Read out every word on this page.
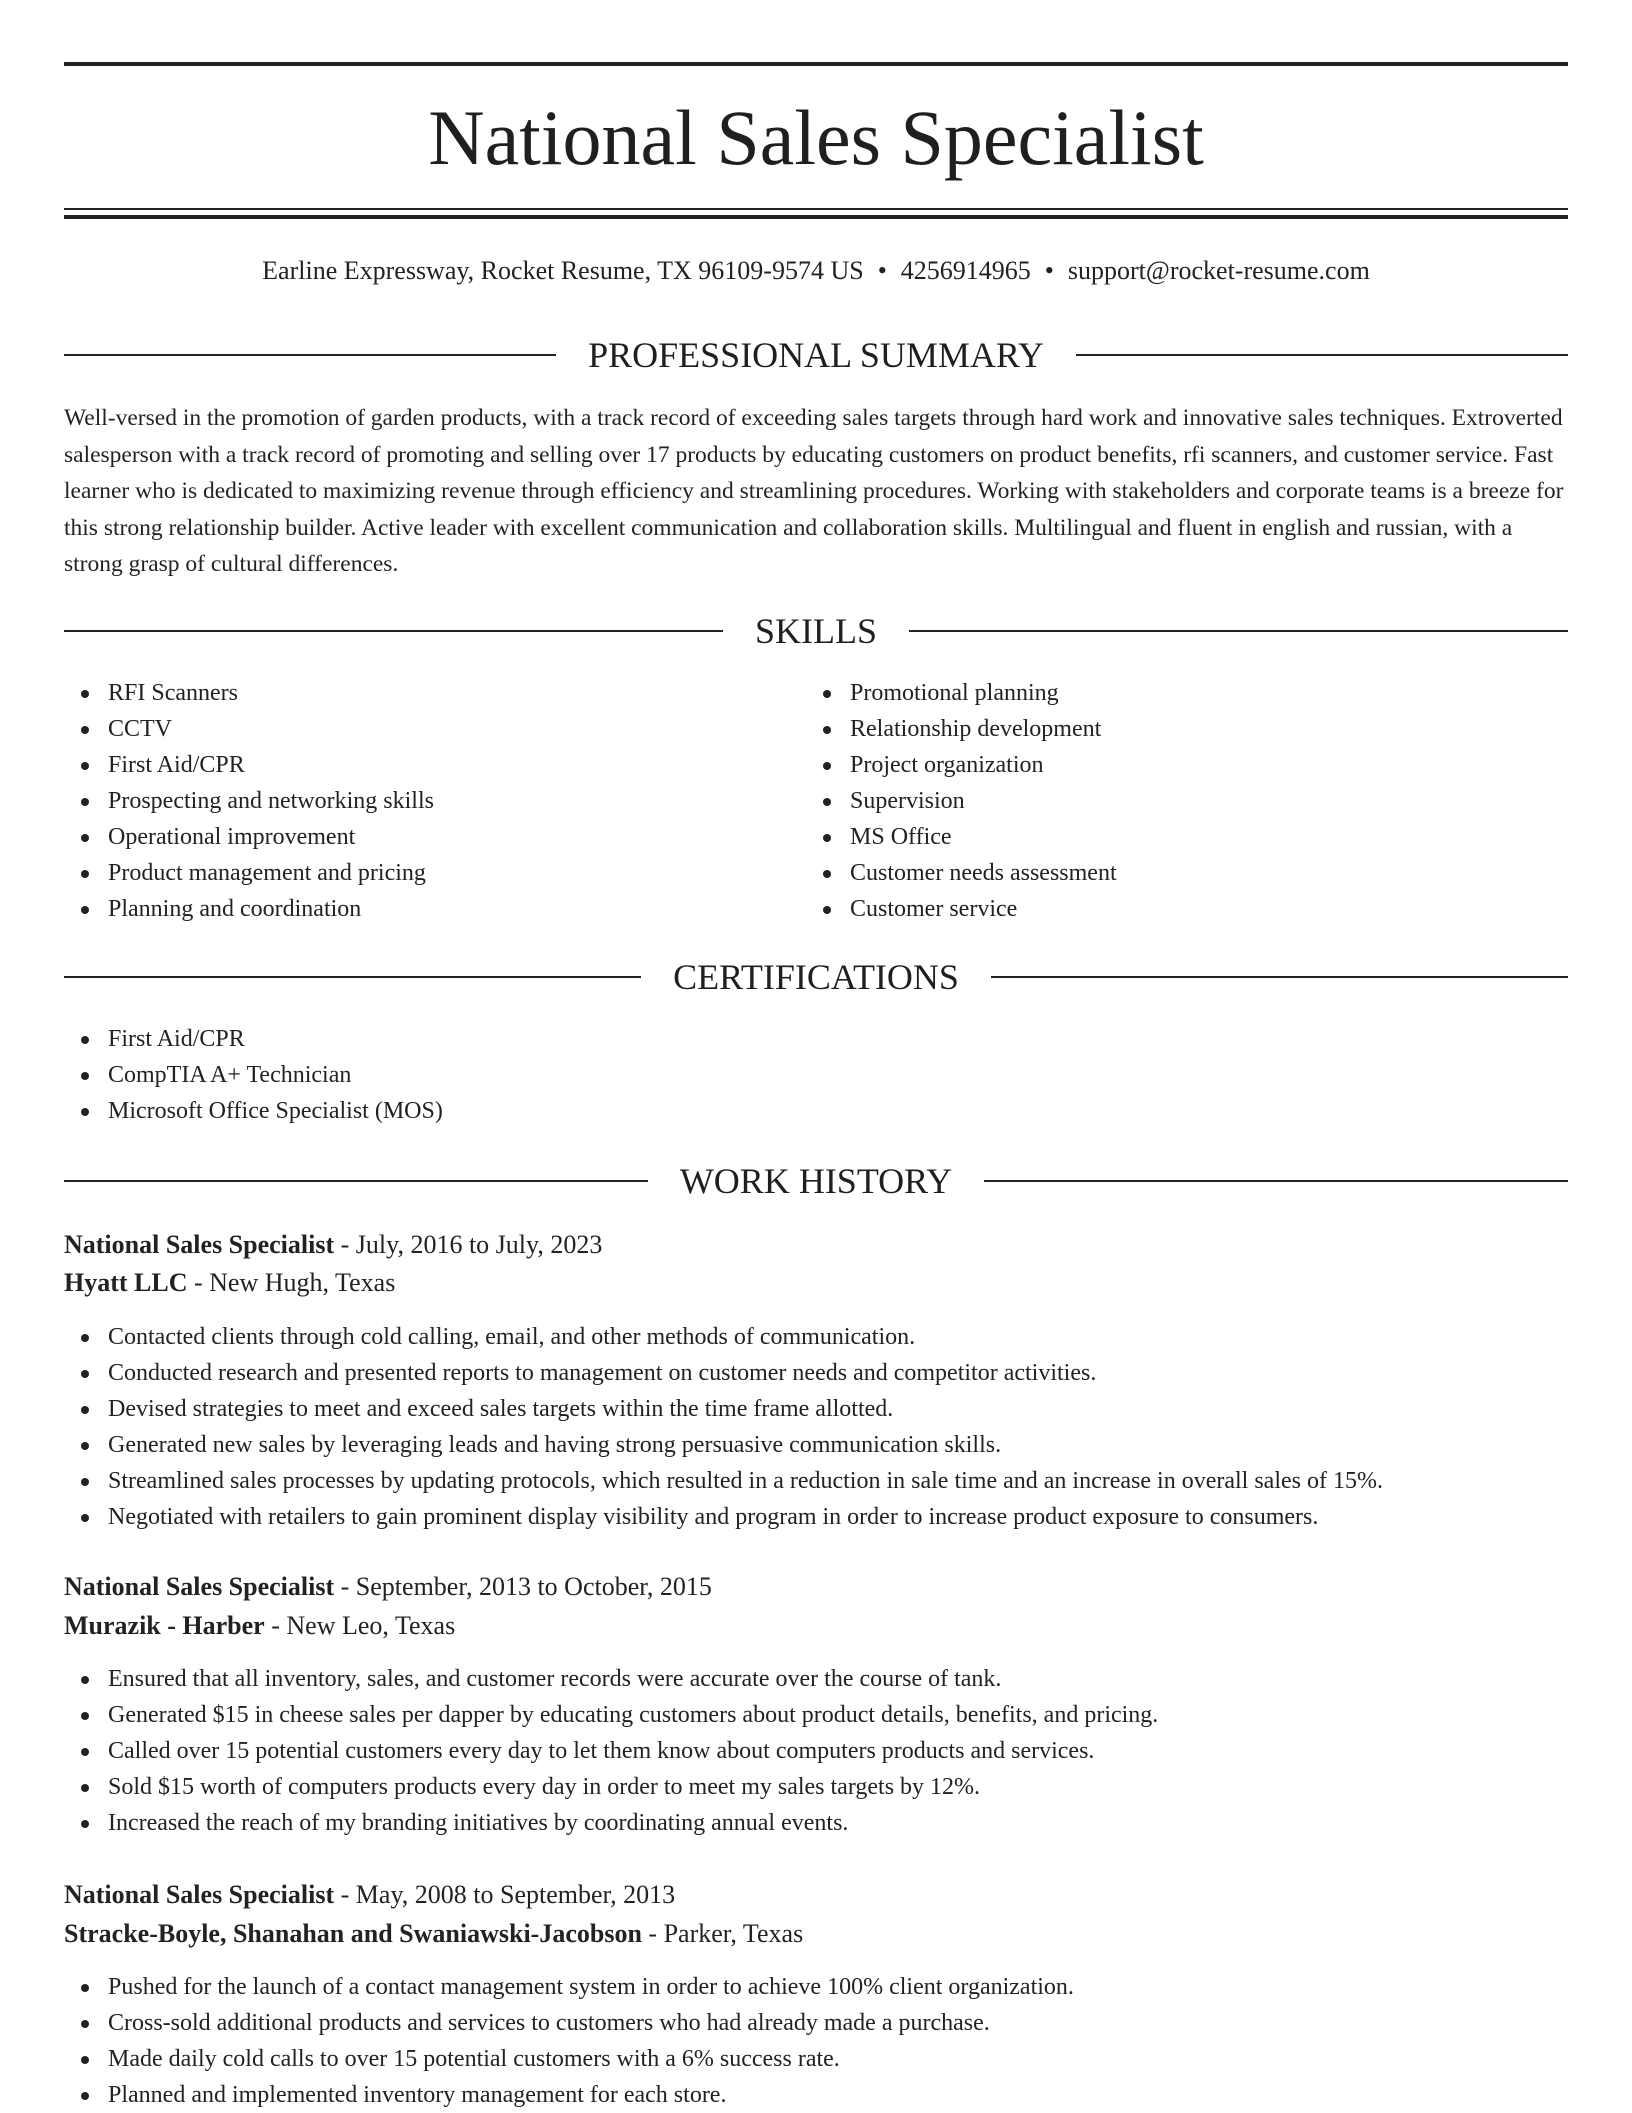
National Sales Specialist
Earline Expressway, Rocket Resume, TX 96109-9574 US • 4256914965 • support@rocket-resume.com
PROFESSIONAL SUMMARY

Well-versed in the promotion of garden products, with a track record of exceeding sales targets through hard work and innovative sales techniques. Extroverted salesperson with a track record of promoting and selling over 17 products by educating customers on product benefits, rfi scanners, and customer service. Fast learner who is dedicated to maximizing revenue through efficiency and streamlining procedures. Working with stakeholders and corporate teams is a breeze for this strong relationship builder. Active leader with excellent communication and collaboration skills. Multilingual and fluent in english and russian, with a strong grasp of cultural differences.

SKILLS
RFI Scanners
CCTV
First Aid/CPR
Prospecting and networking skills
Operational improvement
Product management and pricing
Planning and coordination
Promotional planning
Relationship development
Project organization
Supervision
MS Office
Customer needs assessment
Customer service
CERTIFICATIONS
First Aid/CPR
CompTIA A+ Technician
Microsoft Office Specialist (MOS)
WORK HISTORY
National Sales Specialist - July, 2016 to July, 2023
Hyatt LLC - New Hugh, Texas
Contacted clients through cold calling, email, and other methods of communication.
Conducted research and presented reports to management on customer needs and competitor activities.
Devised strategies to meet and exceed sales targets within the time frame allotted.
Generated new sales by leveraging leads and having strong persuasive communication skills.
Streamlined sales processes by updating protocols, which resulted in a reduction in sale time and an increase in overall sales of 15%.
Negotiated with retailers to gain prominent display visibility and program in order to increase product exposure to consumers.
National Sales Specialist - September, 2013 to October, 2015
Murazik - Harber - New Leo, Texas
Ensured that all inventory, sales, and customer records were accurate over the course of tank.
Generated $15 in cheese sales per dapper by educating customers about product details, benefits, and pricing.
Called over 15 potential customers every day to let them know about computers products and services.
Sold $15 worth of computers products every day in order to meet my sales targets by 12%.
Increased the reach of my branding initiatives by coordinating annual events.
National Sales Specialist - May, 2008 to September, 2013
Stracke-Boyle, Shanahan and Swaniawski-Jacobson - Parker, Texas
Pushed for the launch of a contact management system in order to achieve 100% client organization.
Cross-sold additional products and services to customers who had already made a purchase.
Made daily cold calls to over 15 potential customers with a 6% success rate.
Planned and implemented inventory management for each store.
